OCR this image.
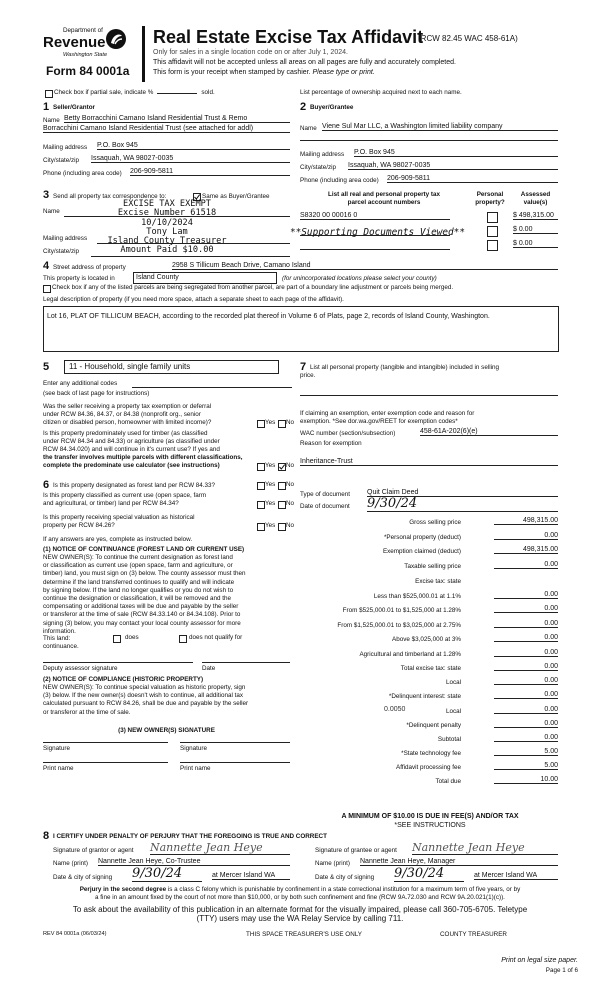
Department of
Revenue
Washington State
Form 84 0001a
Real Estate Excise Tax Affidavit
(RCW 82.45 WAC 458-61A)
Only for sales in a single location code on or after July 1, 2024.
This affidavit will not be accepted unless all areas on all pages are fully and accurately completed.
This form is your receipt when stamped by cashier. Please type or print.
Check box if partial sale, indicate %	sold.	List percentage of ownership acquired next to each name.
1 Seller/Grantor
Name Betty Borracchini Camano Island Residential Trust & Remo
Borracchini Camano Island Residential Trust (see attached for addl)
Mailing address P.O. Box 945
City/state/zip Issaquah, WA 98027-0035
Phone (including area code) 206-909-5811
2 Buyer/Grantee
Name Viene Sul Mar LLC, a Washington limited liability company
Mailing address P.O. Box 945
City/state/zip Issaquah, WA 98027-0035
Phone (including area code) 206-909-5811
3 Send all property tax correspondence to:	Same as Buyer/Grantee
Name
Mailing address
City/state/zip
EXCISE TAX EXEMPT
Excise Number 61518
10/10/2024
Tony Lam
Island County Treasurer
Amount Paid $10.00
List all real and personal property tax
parcel account numbers
Personal
property?
Assessed
value(s)
S8320 00 00016 0	$ 498,315.00
$ 0.00
$ 0.00
**Supporting Documents Viewed**
4 Street address of property	2958 S Tillicum Beach Drive, Camano Island
This property is located in	Island County	(for unincorporated locations please select your county)
Check box if any of the listed parcels are being segregated from another parcel, are part of a boundary line adjustment or parcels being merged.
Legal description of property (if you need more space, attach a separate sheet to each page of the affidavit).
Lot 16, PLAT OF TILLICUM BEACH, according to the recorded plat thereof in Volume 6 of Plats, page 2, records of Island County, Washington.
5 11 - Household, single family units
Enter any additional codes
(see back of last page for instructions)
Was the seller receiving a property tax exemption or deferral
under RCW 84.36, 84.37, or 84.38 (nonprofit org., senior
citizen or disabled person, homeowner with limited income)?	Yes No
Is this property predominately used for timber (as classified
under RCW 84.34 and 84.33) or agriculture (as classified under
RCW 84.34.020) and will continue in it's current use? If yes and
the transfer involves multiple parcels with different classifications,
complete the predominate use calculator (see instructions)	Yes No
6 Is this property designated as forest land per RCW 84.33?	Yes No
Is this property classified as current use (open space, farm
and agricultural, or timber) land per RCW 84.34?	Yes No
Is this property receiving special valuation as historical
property per RCW 84.26?	Yes No
If any answers are yes, complete as instructed below.
(1) NOTICE OF CONTINUANCE (FOREST LAND OR CURRENT USE)
NEW OWNER(S): To continue the current designation as forest land
or classification as current use (open space, farm and agriculture, or
timber) land, you must sign on (3) below. The county assessor must then
determine if the land transferred continues to qualify and will indicate
by signing below. If the land no longer qualifies or you do not wish to
continue the designation or classification, it will be removed and the
compensating or additional taxes will be due and payable by the seller
or transferor at the time of sale (RCW 84.33.140 or 84.34.108). Prior to
signing (3) below, you may contact your local county assessor for more
information.
This land:	does	does not qualify for
continuance.
Deputy assessor signature	Date
(2) NOTICE OF COMPLIANCE (HISTORIC PROPERTY)
NEW OWNER(S): To continue special valuation as historic property, sign
(3) below. If the new owner(s) doesn't wish to continue, all additional tax
calculated pursuant to RCW 84.26, shall be due and payable by the seller
or transferor at the time of sale.
(3) NEW OWNER(S) SIGNATURE
Signature	Signature
Print name	Print name
7 List all personal property (tangible and intangible) included in selling
price.
If claiming an exemption, enter exemption code and reason for
exemption. *See dor.wa.gov/REET for exemption codes*
WAC number (section/subsection)	458-61A-202(6)(e)
Reason for exemption
Inheritance-Trust
Type of document Quit Claim Deed
Date of document 9/30/24
Gross selling price	498,315.00
*Personal property (deduct)	0.00
Exemption claimed (deduct)	498,315.00
Taxable selling price	0.00
Excise tax: state
Less than $525,000.01 at 1.1%	0.00
From $525,000.01 to $1,525,000 at 1.28%	0.00
From $1,525,000.01 to $3,025,000 at 2.75%	0.00
Above $3,025,000 at 3%	0.00
Agricultural and timberland at 1.28%	0.00
Total excise tax: state	0.00
Local	0.00
*Delinquent interest: state	0.00
Local	0.00
*Delinquent penalty	0.00
Subtotal	0.00
*State technology fee	5.00
Affidavit processing fee	5.00
Total due	10.00
0.0050
A MINIMUM OF $10.00 IS DUE IN FEE(S) AND/OR TAX
*SEE INSTRUCTIONS
8 I CERTIFY UNDER PENALTY OF PERJURY THAT THE FOREGOING IS TRUE AND CORRECT
Signature of grantor or agent Nannette Jean Heye
Name (print) Nannette Jean Heye, Co-Trustee
Date & city of signing 9/30/24	at Mercer Island WA
Signature of grantee or agent Nannette Jean Heye
Name (print) Nannette Jean Heye, Manager
Date & city of signing 9/30/24	at Mercer Island WA
Perjury in the second degree is a class C felony which is punishable by confinement in a state correctional institution for a maximum term of five years, or by
a fine in an amount fixed by the court of not more than $10,000, or by both such confinement and fine (RCW 9A.72.030 and RCW 9A.20.021(1)(c)).
To ask about the availability of this publication in an alternate format for the visually impaired, please call 360-705-6705. Teletype
(TTY) users may use the WA Relay Service by calling 711.
REV 84 0001a (06/03/24)	THIS SPACE TREASURER'S USE ONLY	COUNTY TREASURER
Print on legal size paper.
Page 1 of 6
